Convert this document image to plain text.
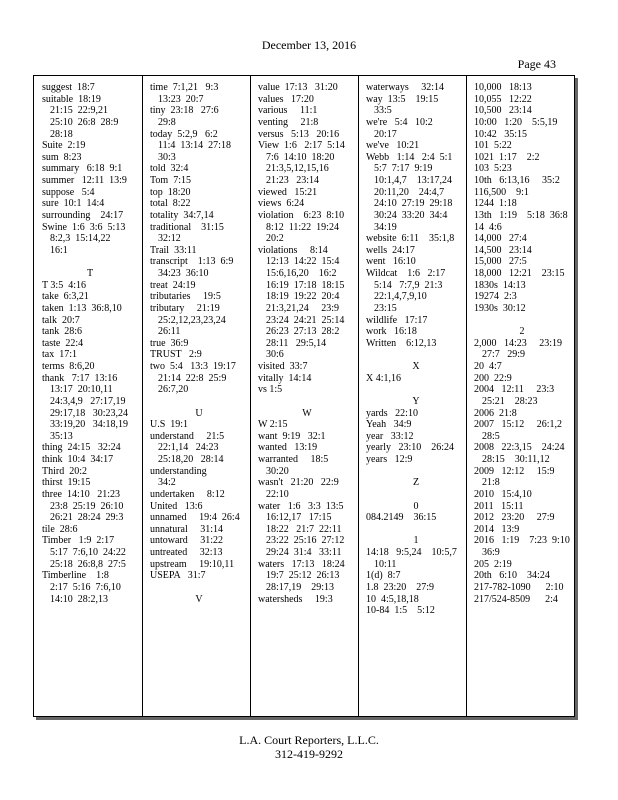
December 13, 2016
Page 43
suggest  18:7
suitable  18:19
21:15  22:9,21
25:10  26:8  28:9
28:18
Suite  2:19
sum  8:23
summary   6:18  9:1
summer   12:11  13:9
suppose   5:4
sure  10:1  14:4
surrounding    24:17
Swine  1:6  3:6  5:13
8:2,3  15:14,22
16:1
T
T 3:5  4:16
take  6:3,21
taken  1:13  36:8,10
talk  20:7
tank  28:6
taste  22:4
tax  17:1
terms  8:6,20
thank   7:17  13:16
13:17  20:10,11
24:3,4,9   27:17,19
29:17,18   30:23,24
33:19,20   34:18,19
35:13
thing  24:15   32:24
think  10:4  34:17
Third  20:2
thirst  19:15
three  14:10   21:23
23:8  25:19  26:10
26:21  28:24  29:3
tile  28:6
Timber   1:9  2:17
5:17  7:6,10  24:22
25:18  26:8,8  27:5
Timberline    1:8
2:17  5:16  7:6,10
14:10  28:2,13
time  7:1,21   9:3
13:23  20:7
tiny  23:18   27:6
29:8
today  5:2,9   6:2
11:4  13:14  27:18
30:3
told  32:4
Tom  7:15
top  18:20
total  8:22
totality  34:7,14
traditional    31:15
32:12
Trail  33:11
transcript    1:13  6:9
34:23  36:10
treat  24:19
tributaries     19:5
tributary     21:19
25:2,12,23,23,24
26:11
true  36:9
TRUST   2:9
two  5:4   13:3  19:17
21:14  22:8  25:9
26:7,20
U
U.S  19:1
understand     21:5
22:1,14   24:23
25:18,20   28:14
understanding
34:2
undertaken     8:12
United   13:6
unnamed     19:4  26:4
unnatural     31:14
untoward     31:22
untreated     32:13
upstream     19:10,11
USEPA   31:7
V
value  17:13   31:20
values   17:20
various     11:1
venting     21:8
versus   5:13   20:16
View  1:6   2:17  5:14
7:6  14:10  18:20
21:3,5,12,15,16
21:23   23:14
viewed   15:21
views  6:24
violation    6:23  8:10
8:12  11:22  19:24
20:2
violations     8:14
12:13  14:22  15:4
15:6,16,20    16:2
16:19  17:18  18:15
18:19  19:22  20:4
21:3,21,24     23:9
23:24  24:21  25:14
26:23  27:13  28:2
28:11   29:5,14
30:6
visited  33:7
vitally  14:14
vs 1:5
W
W 2:15
want  9:19   32:1
wanted   13:19
warranted     18:5
30:20
wasn't   21:20   22:9
22:10
water   1:6   3:3  13:5
16:12,17   17:15
18:22   21:7  22:11
23:22  25:16  27:12
29:24  31:4   33:11
waters   17:13   18:24
19:7  25:12  26:13
28:17,19    29:13
watersheds     19:3
waterways     32:14
way  13:5    19:15
33:5
we're   5:4   10:2
20:17
we've   10:21
Webb   1:14   2:4  5:1
5:7  7:17  9:19
10:1,4,7    13:17,24
20:11,20    24:4,7
24:10  27:19  29:18
30:24  33:20  34:4
34:19
website  6:11    35:1,8
wells  24:17
went   16:10
Wildcat    1:6   2:17
5:14   7:7,9  21:3
22:1,4,7,9,10
23:15
wildlife   17:17
work   16:18
Written    6:12,13
X
X 4:1,16
Y
yards   22:10
Yeah   34:9
year   33:12
yearly   23:10    26:24
years   12:9
Z
0
084.2149    36:15
1
14:18   9:5,24    10:5,7
10:11
1(d)  8:7
1.8  23:20    27:9
10  4:5,18,18
10-84  1:5    5:12
10,000   18:13
10,055   12:22
10,500   23:14
10:00   1:20    5:5,19
10:42   35:15
101  5:22
1021  1:17    2:2
103  5:23
10th   6:13,16     35:2
116,500    9:1
1244  1:18
13th   1:19    5:18  36:8
14  4:6
14,000   27:4
14,500   23:14
15,000   27:5
18,000   12:21    23:15
1830s  14:13
19274  2:3
1930s  30:12
2
2,000   14:23     23:19
27:7   29:9
20  4:7
200  22:9
2004   12:11     23:3
25:21    28:23
2006  21:8
2007   15:12     26:1,2
28:5
2008   22:3,15    24:24
28:15    30:11,12
2009   12:12     15:9
21:8
2010   15:4,10
2011   15:11
2012   23:20     27:9
2014   13:9
2016   1:19    7:23  9:10
36:9
205  2:19
20th   6:10    34:24
217-782-1090      2:10
217/524-8509      2:4
L.A. Court Reporters, L.L.C.
312-419-9292
